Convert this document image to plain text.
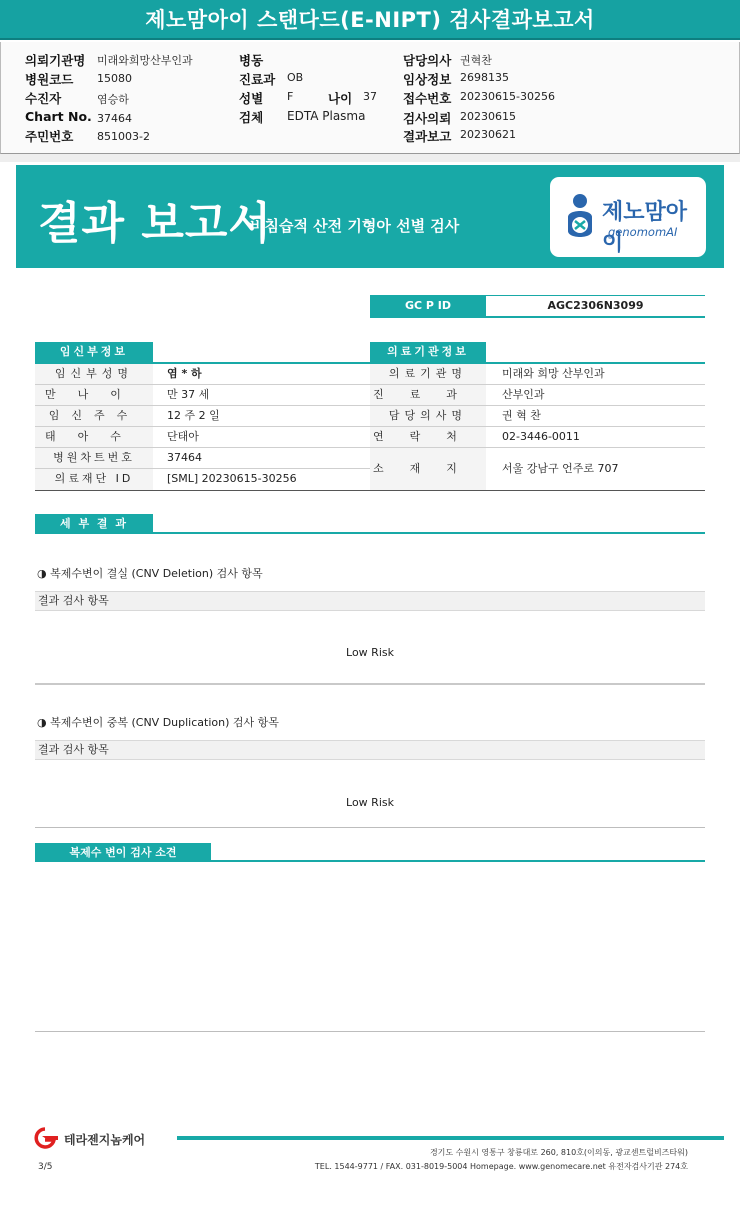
제노맘아이 스탠다드(E-NIPT) 검사결과보고서
의뢰기관명 미래와희망산부인과
병원코드 15080
수진자	염승하
Chart No. 37464
주민번호 851003-2
병동
진료과 OB
성별 F	나이 37
검체 EDTA Plasma
담당의사 권혁찬
임상정보 2698135
접수번호 20230615-30256
검사의뢰 20230615
결과보고 20230621
결과 보고서
비침습적 산전 기형아 선별 검사
제노맘아이
genomomAI
GC P ID	AGC2306N3099
임신부정보
임신부성명	염 * 하
만나이	만 37 세
임신주수	12 주 2 일
태아수	단태아
병원차트번호	37464
의료재단 ID	[SML] 20230615-30256
의료기관정보
의료기관명	미래와 희망 산부인과
진료과 산부인과
담당의사명	권 혁 찬
연락처 02-3446-0011
소재지 서울 강남구 언주로 707
세 부 결 과
◑ 복제수변이 결실 (CNV Deletion) 검사 항목
결과 검사 항목
Low Risk
◑ 복제수변이 중복 (CNV Duplication) 검사 항목
결과 검사 항목
Low Risk
복제수 변이 검사 소견
테라젠지놈케어
경기도 수원시 영통구 창룡대로 260, 810호(이의동, 광교센트럴비즈타워)
TEL. 1544-9771 / FAX. 031-8019-5004 Homepage. www.genomecare.net 유전자검사기관 274호
3/5
